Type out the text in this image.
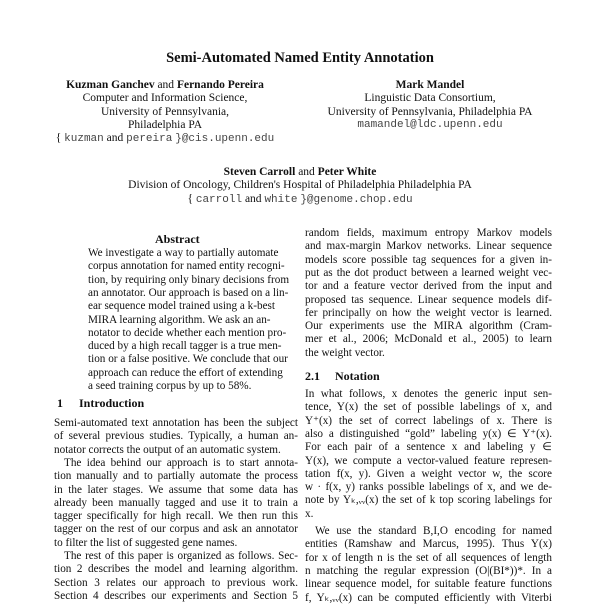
Semi-Automated Named Entity Annotation
Kuzman Ganchev and Fernando Pereira
Computer and Information Science,
University of Pennsylvania,
Philadelphia PA
{ kuzman and pereira }@cis.upenn.edu
Mark Mandel
Linguistic Data Consortium,
University of Pennsylvania, Philadelphia PA
mamandel@ldc.upenn.edu
Steven Carroll and Peter White
Division of Oncology, Children's Hospital of Philadelphia Philadelphia PA
{ carroll and white }@genome.chop.edu
Abstract
1 Introduction
2.1 Notation
We investigate a way to partially automate
corpus annotation for named entity recogni-
tion, by requiring only binary decisions from
an annotator. Our approach is based on a lin-
ear sequence model trained using a k-best
MIRA learning algorithm. We ask an an-
notator to decide whether each mention pro-
duced by a high recall tagger is a true men-
tion or a false positive. We conclude that our
approach can reduce the effort of extending
a seed training corpus by up to 58%.
Semi-automated text annotation has been the subject
of several previous studies. Typically, a human an-
notator corrects the output of an automatic system.
The idea behind our approach is to start annota-
tion manually and to partially automate the process
in the later stages. We assume that some data has
already been manually tagged and use it to train a
tagger specifically for high recall. We then run this
tagger on the rest of our corpus and ask an annotator
to filter the list of suggested gene names.
The rest of this paper is organized as follows. Sec-
tion 2 describes the model and learning algorithm.
Section 3 relates our approach to previous work.
Section 4 describes our experiments and Section 5
random fields, maximum entropy Markov models
and max-margin Markov networks. Linear sequence
models score possible tag sequences for a given in-
put as the dot product between a learned weight vec-
tor and a feature vector derived from the input and
proposed tas sequence. Linear sequence models dif-
fer principally on how the weight vector is learned.
Our experiments use the MIRA algorithm (Cram-
mer et al., 2006; McDonald et al., 2005) to learn
the weight vector.
In what follows, x denotes the generic input sen-
tence, Y(x) the set of possible labelings of x, and
Y⁺(x) the set of correct labelings of x. There is
also a distinguished “gold” labeling y(x) ∈ Y⁺(x).
For each pair of a sentence x and labeling y ∈
Y(x), we compute a vector-valued feature represen-
tation f(x, y). Given a weight vector w, the score
w · f(x, y) ranks possible labelings of x, and we de-
note by Yₖ,ᵥᵥ(x) the set of k top scoring labelings for
x.
We use the standard B,I,O encoding for named
entities (Ramshaw and Marcus, 1995). Thus Y(x)
for x of length n is the set of all sequences of length
n matching the regular expression (O|(BI*))*. In a
linear sequence model, for suitable feature functions
f, Yₖ,ᵥᵥ(x) can be computed efficiently with Viterbi
